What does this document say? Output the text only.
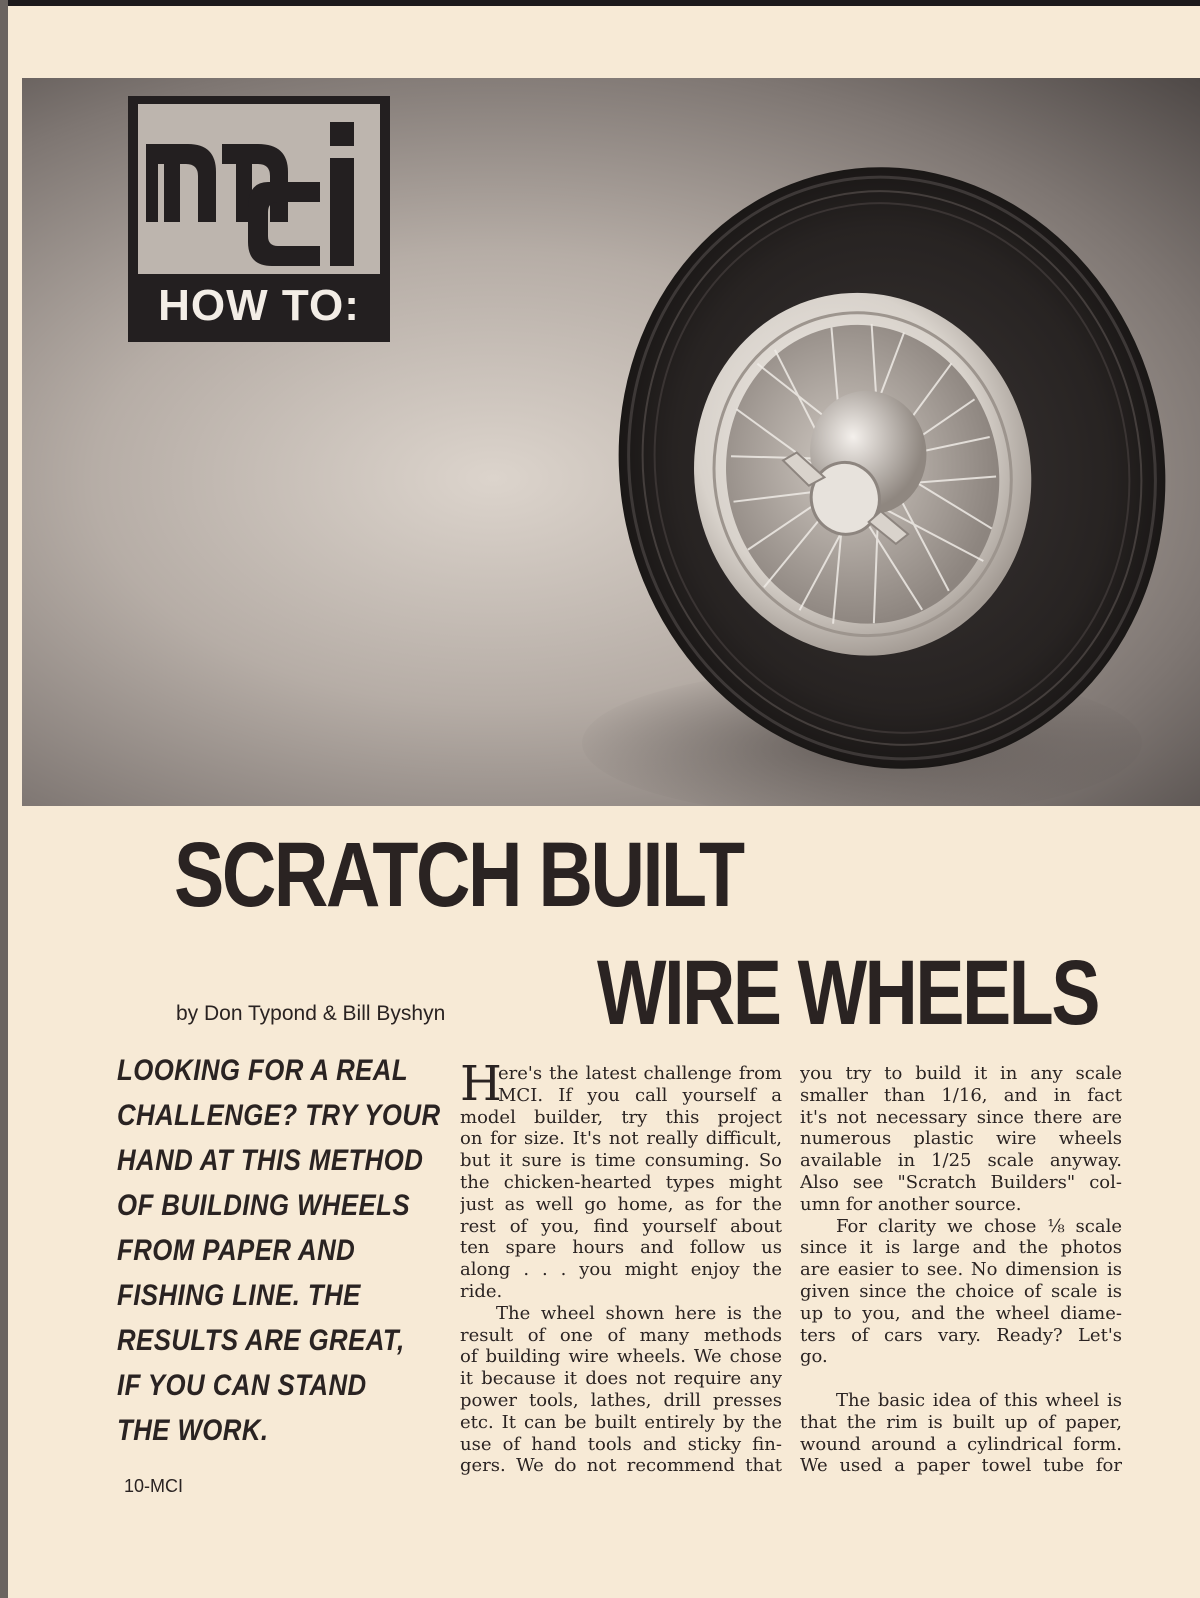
HOW TO:
SCRATCH BUILT
WIRE WHEELS
by Don Typond & Bill Byshyn
LOOKING FOR A REAL
CHALLENGE? TRY YOUR
HAND AT THIS METHOD
OF BUILDING WHEELS
FROM PAPER AND
FISHING LINE. THE
RESULTS ARE GREAT,
IF YOU CAN STAND
THE WORK.
H
ere's the latest challenge from
MCI. If you call yourself a
model builder, try this project
on for size. It's not really difficult,
but it sure is time consuming. So
the chicken-hearted types might
just as well go home, as for the
rest of you, find yourself about
ten spare hours and follow us
along . . . you might enjoy the
ride.
The wheel shown here is the
result of one of many methods
of building wire wheels. We chose
it because it does not require any
power tools, lathes, drill presses
etc. It can be built entirely by the
use of hand tools and sticky fin-
gers. We do not recommend that
you try to build it in any scale
smaller than 1/16, and in fact
it's not necessary since there are
numerous plastic wire wheels
available in 1/25 scale anyway.
Also see "Scratch Builders" col-
umn for another source.
For clarity we chose ⅛ scale
since it is large and the photos
are easier to see. No dimension is
given since the choice of scale is
up to you, and the wheel diame-
ters of cars vary. Ready? Let's
go.
The basic idea of this wheel is
that the rim is built up of paper,
wound around a cylindrical form.
We used a paper towel tube for
10-MCI
